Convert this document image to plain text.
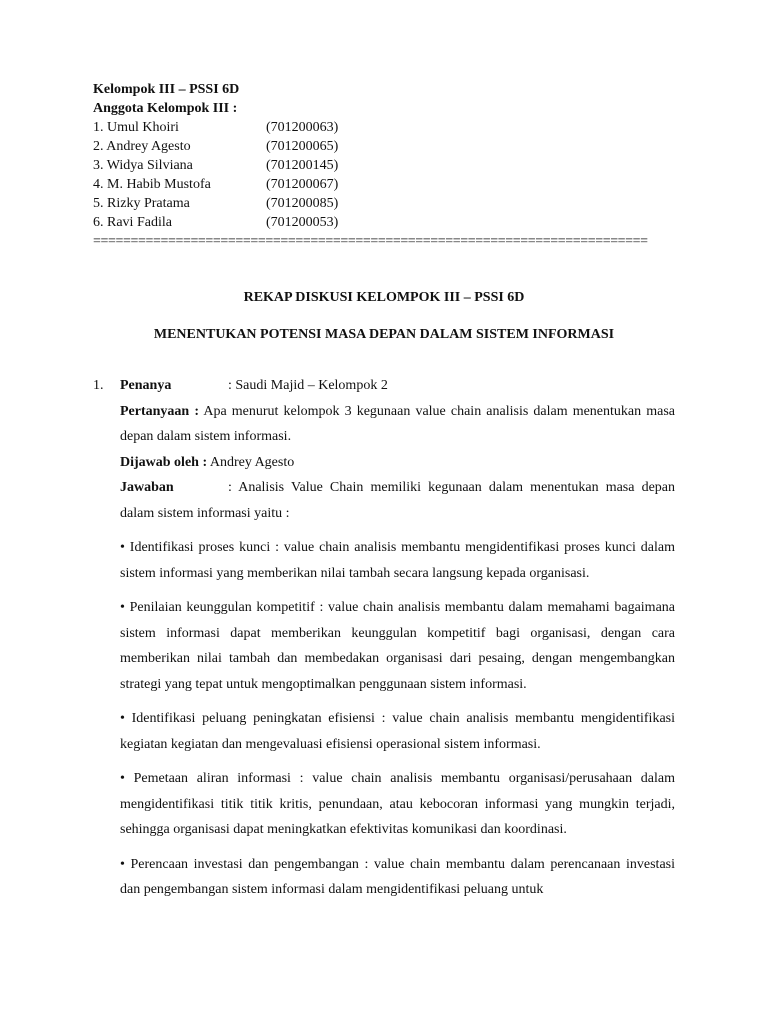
Kelompok III – PSSI 6D
Anggota Kelompok III :
1. Umul Khoiri	(701200063)
2. Andrey Agesto	(701200065)
3. Widya Silviana	(701200145)
4. M. Habib Mustofa	(701200067)
5. Rizky Pratama	(701200085)
6. Ravi Fadila	(701200053)
==========================================================================
REKAP DISKUSI KELOMPOK III – PSSI 6D
MENENTUKAN POTENSI MASA DEPAN DALAM SISTEM INFORMASI
1. Penanya	: Saudi Majid – Kelompok 2

Pertanyaan : Apa menurut kelompok 3 kegunaan value chain analisis dalam menentukan masa depan dalam sistem informasi.

Dijawab oleh : Andrey Agesto

Jawaban	: Analisis Value Chain memiliki kegunaan dalam menentukan masa depan dalam sistem informasi yaitu :

• Identifikasi proses kunci : value chain analisis membantu mengidentifikasi proses kunci dalam sistem informasi yang memberikan nilai tambah secara langsung kepada organisasi.

• Penilaian keunggulan kompetitif : value chain analisis membantu dalam memahami bagaimana sistem informasi dapat memberikan keunggulan kompetitif bagi organisasi, dengan cara memberikan nilai tambah dan membedakan organisasi dari pesaing, dengan mengembangkan strategi yang tepat untuk mengoptimalkan penggunaan sistem informasi.

• Identifikasi peluang peningkatan efisiensi : value chain analisis membantu mengidentifikasi kegiatan kegiatan dan mengevaluasi efisiensi operasional sistem informasi.

• Pemetaan aliran informasi : value chain analisis membantu organisasi/perusahaan dalam mengidentifikasi titik titik kritis, penundaan, atau kebocoran informasi yang mungkin terjadi, sehingga organisasi dapat meningkatkan efektivitas komunikasi dan koordinasi.

• Perencaan investasi dan pengembangan : value chain membantu dalam perencanaan investasi dan pengembangan sistem informasi dalam mengidentifikasi peluang untuk
